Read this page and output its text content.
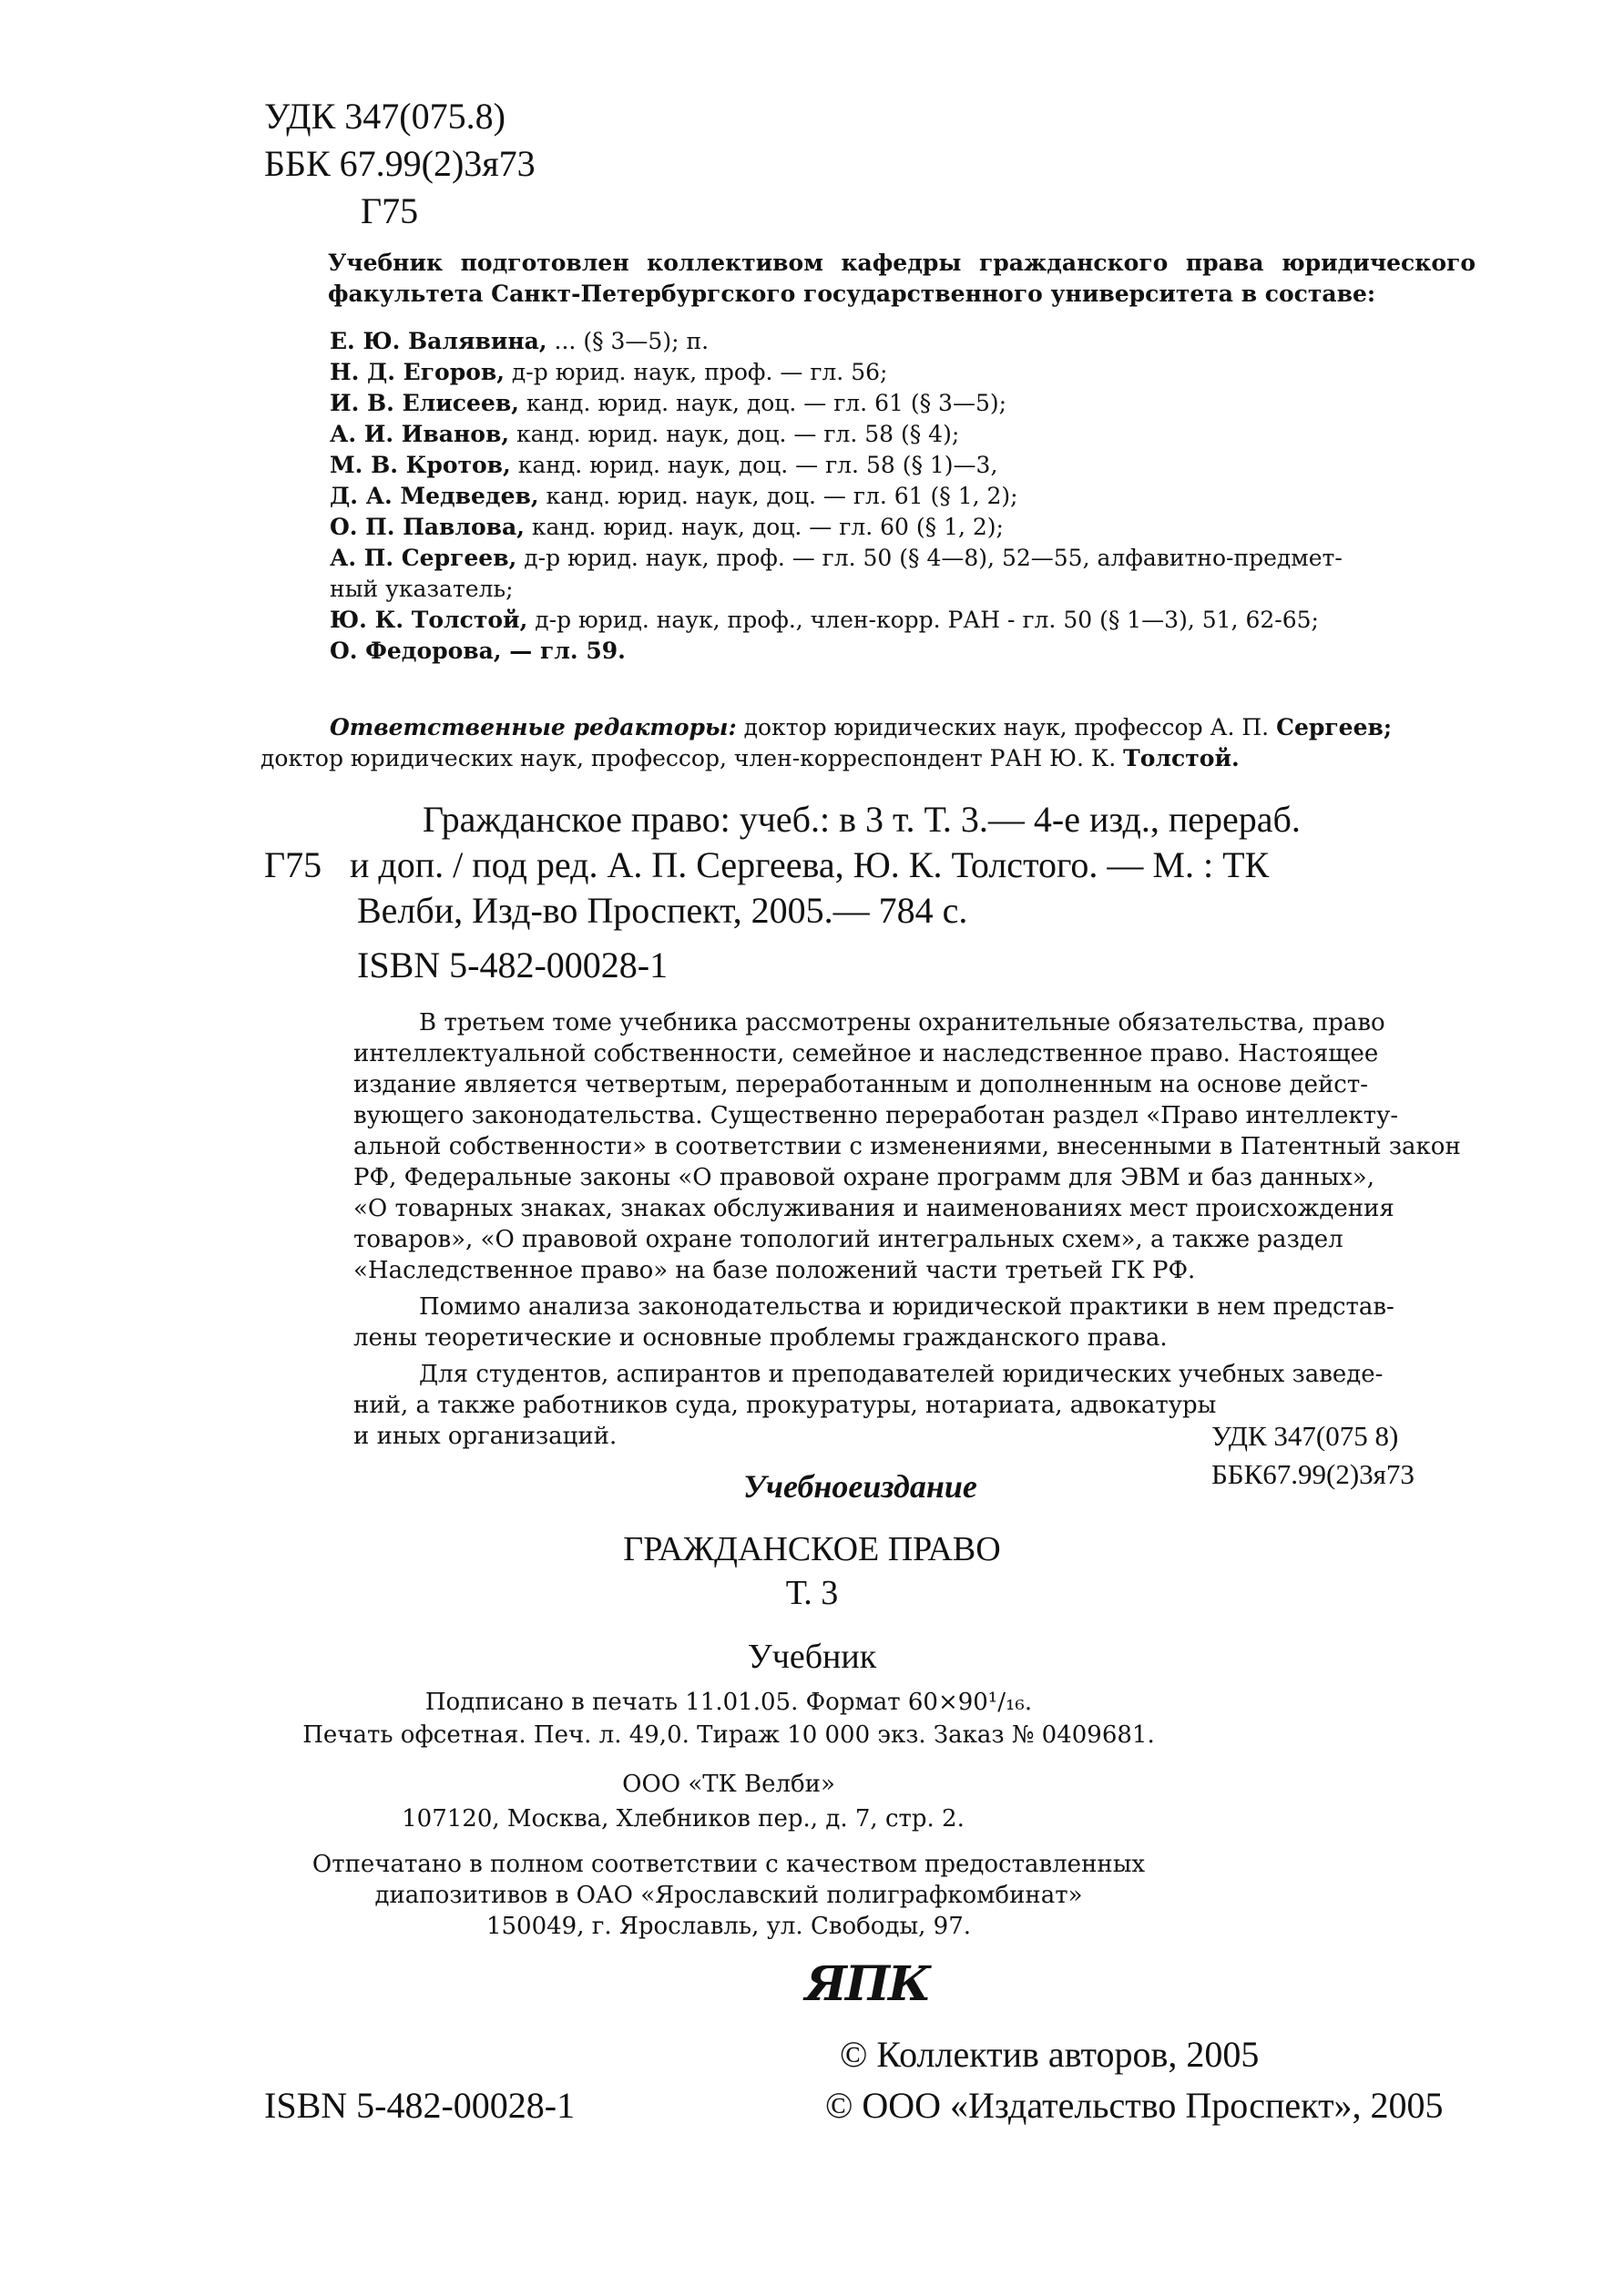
УДК 347(075.8)
ББК 67.99(2)3я73
Г75
Учебник подготовлен коллективом кафедры гражданского права юридического факультета Санкт-Петербургского государственного университета в составе:
Е. Ю. Валявина, ... (§ 3—5); п.
Н. Д. Егоров, д-р юрид. наук, проф. — гл. 56;
И. В. Елисеев, канд. юрид. наук, доц. — гл. 61 (§ 3—5);
А. И. Иванов, канд. юрид. наук, доц. — гл. 58 (§ 4);
М. В. Кротов, канд. юрид. наук, доц. — гл. 58 (§ 1)—3,
Д. А. Медведев, канд. юрид. наук, доц. — гл. 61 (§ 1, 2);
О. П. Павлова, канд. юрид. наук, доц. — гл. 60 (§ 1, 2);
А. П. Сергеев, д-р юрид. наук, проф. — гл. 50 (§ 4—8), 52—55, алфавитно-предмет-
ный указатель;
Ю. К. Толстой, д-р юрид. наук, проф., член-корр. РАН - гл. 50 (§ 1—3), 51, 62-65;
О. Федорова, — гл. 59.
Ответственные редакторы: доктор юридических наук, профессор А. П. Сергеев;
доктор юридических наук, профессор, член-корреспондент РАН Ю. К. Толстой.
Гражданское право: учеб.: в 3 т. Т. 3.— 4-е изд., перераб.
Г75 и доп. / под ред. А. П. Сергеева, Ю. К. Толстого. — М. : ТК
Велби, Изд-во Проспект, 2005.— 784 с.
ISBN 5-482-00028-1
В третьем томе учебника рассмотрены охранительные обязательства, право
интеллектуальной собственности, семейное и наследственное право. Настоящее
издание является четвертым, переработанным и дополненным на основе дейст-
вующего законодательства. Существенно переработан раздел «Право интеллекту-
альной собственности» в соответствии с изменениями, внесенными в Патентный закон
РФ, Федеральные законы «О правовой охране программ для ЭВМ и баз данных»,
«О товарных знаках, знаках обслуживания и наименованиях мест происхождения
товаров», «О правовой охране топологий интегральных схем», а также раздел
«Наследственное право» на базе положений части третьей ГК РФ.
Помимо анализа законодательства и юридической практики в нем представ-
лены теоретические и основные проблемы гражданского права.
Для студентов, аспирантов и преподавателей юридических учебных заведе-
ний, а также работников суда, прокуратуры, нотариата, адвокатуры
и иных организаций.	УДК 347(075 8)
ББК67.99(2)3я73
Учебноеиздание
ГРАЖДАНСКОЕ ПРАВО
Т. 3
Учебник
Подписано в печать 11.01.05. Формат 60×90¹/₁₆.
Печать офсетная. Печ. л. 49,0. Тираж 10 000 экз. Заказ № 0409681.
ООО «ТК Велби»
107120, Москва, Хлебников пер., д. 7, стр. 2.
Отпечатано в полном соответствии с качеством предоставленных
диапозитивов в ОАО «Ярославский полиграфкомбинат»
150049, г. Ярославль, ул. Свободы, 97.
ЯПК
© Коллектив авторов, 2005
ISBN 5-482-00028-1	© ООО «Издательство Проспект», 2005
